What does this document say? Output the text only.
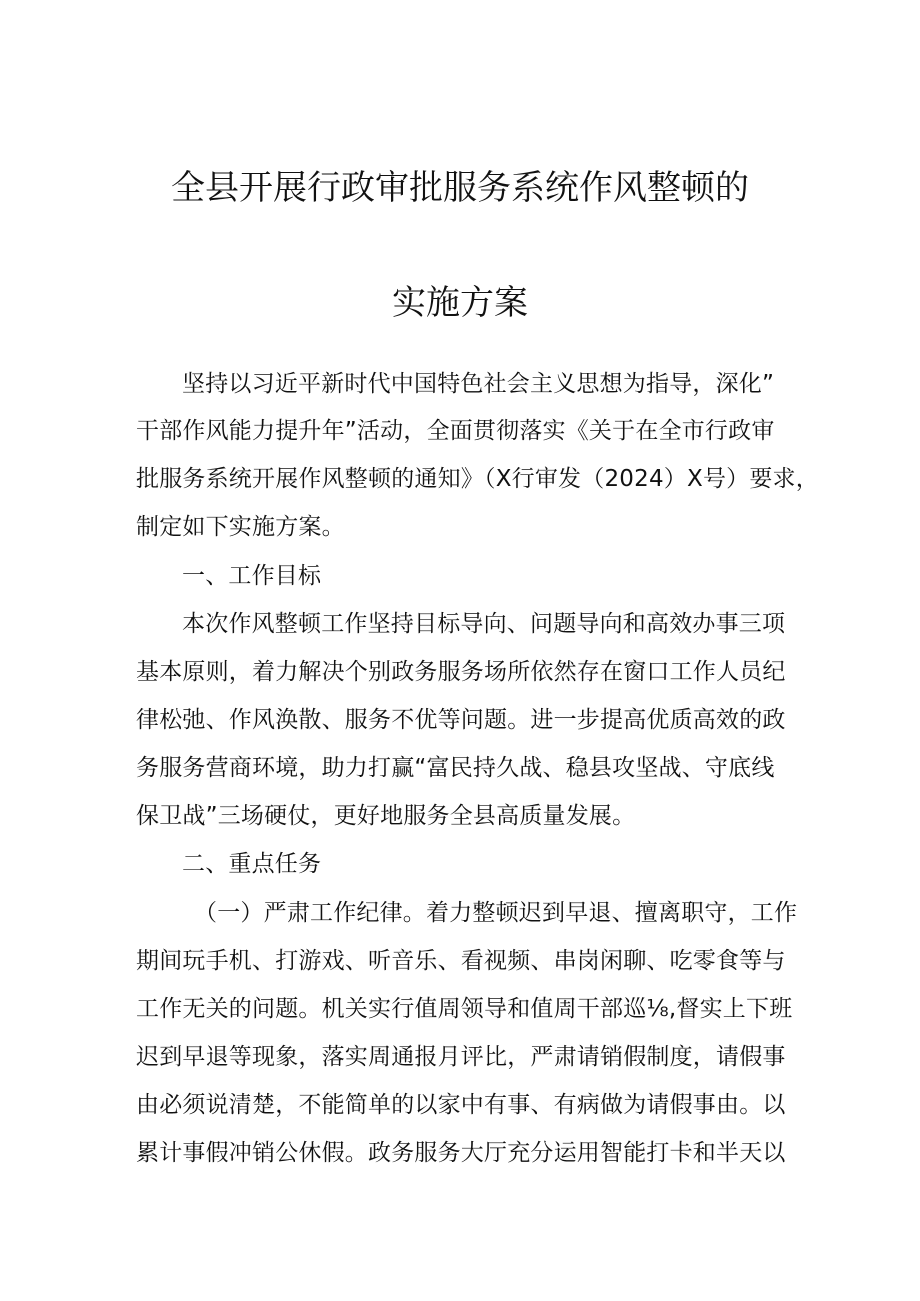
全县开展行政审批服务系统作风整顿的
实施方案
坚持以习近平新时代中国特色社会主义思想为指导，深化”
干部作风能力提升年”活动，全面贯彻落实《关于在全市行政审
批服务系统开展作风整顿的通知》（X行审发（2024）X号）要求，
制定如下实施方案。
一、工作目标
本次作风整顿工作坚持目标导向、问题导向和高效办事三项
基本原则，着力解决个别政务服务场所依然存在窗口工作人员纪
律松弛、作风涣散、服务不优等问题。进一步提高优质高效的政
务服务营商环境，助力打赢“富民持久战、稳县攻坚战、守底线
保卫战”三场硬仗，更好地服务全县高质量发展。
二、重点任务
（一）严肃工作纪律。着力整顿迟到早退、擅离职守，工作
期间玩手机、打游戏、听音乐、看视频、串岗闲聊、吃零食等与
工作无关的问题。机关实行值周领导和值周干部巡⅛,督实上下班
迟到早退等现象，落实周通报月评比，严肃请销假制度，请假事
由必须说清楚，不能简单的以家中有事、有病做为请假事由。以
累计事假冲销公休假。政务服务大厅充分运用智能打卡和半天以
